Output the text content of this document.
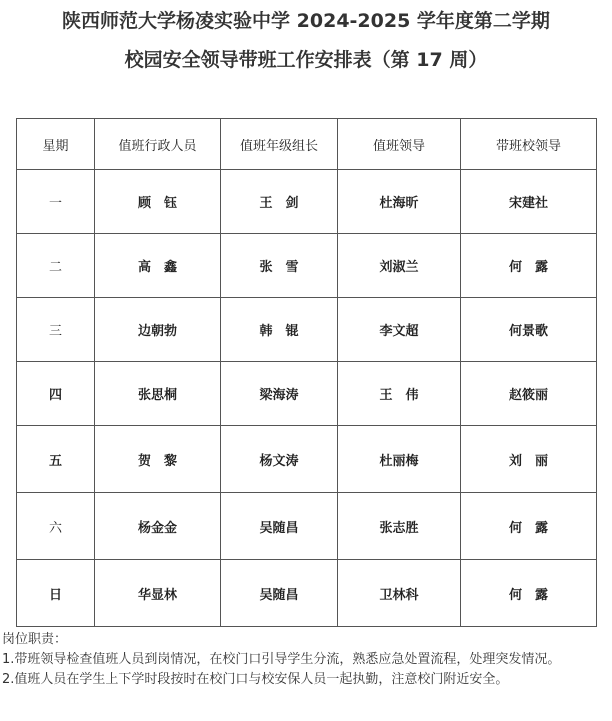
陕西师范大学杨凌实验中学 2024-2025 学年度第二学期
校园安全领导带班工作安排表（第 17 周）
星期	值班行政人员	值班年级组长	值班领导	带班校领导
一	顾　钰	王　剑	杜海昕	宋建社
二	高　鑫	张　雪	刘淑兰	何　露
三	边朝勃	韩　锟	李文超	何景歌
四	张思桐	梁海涛	王　伟	赵筱丽
五	贺　黎	杨文涛	杜丽梅	刘　丽
六	杨金金	吴随昌	张志胜	何　露
日	华显林	吴随昌	卫林科	何　露

岗位职责：

1.带班领导检查值班人员到岗情况，在校门口引导学生分流，熟悉应急处置流程，处理突发情况。

2.值班人员在学生上下学时段按时在校门口与校安保人员一起执勤，注意校门附近安全。
